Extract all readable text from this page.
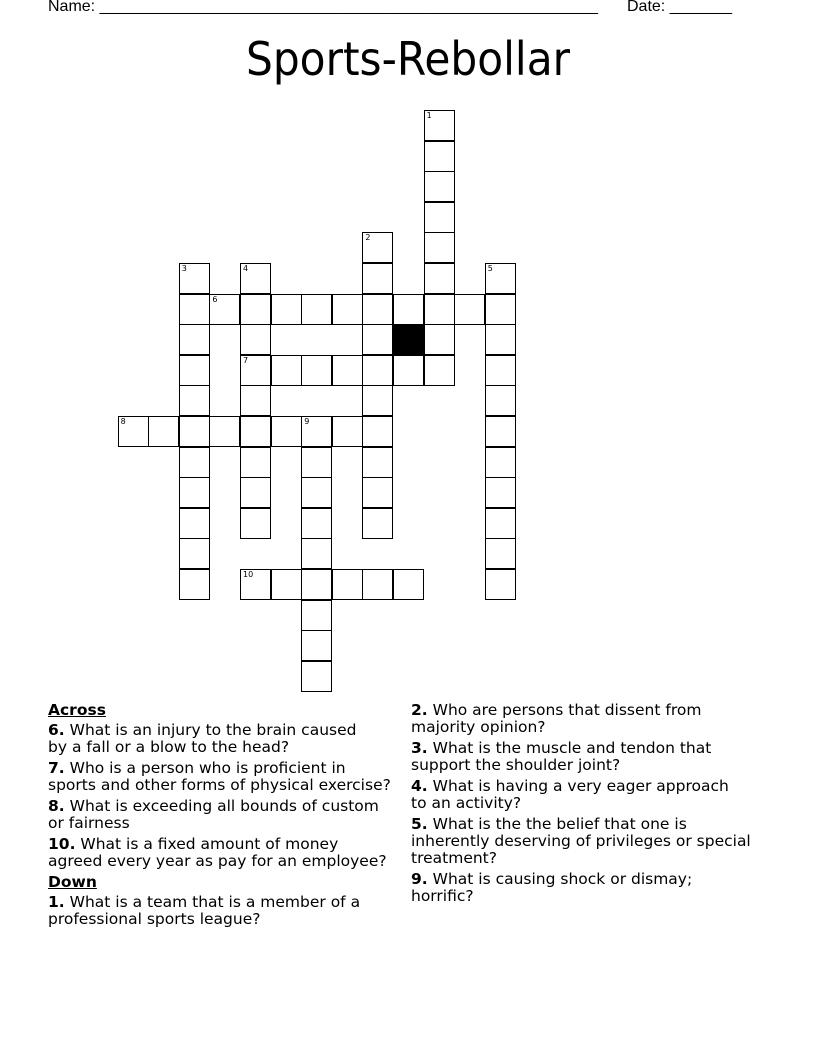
Name: ________________________________________________________ Date: _______
Sports-Rebollar
1
2
3	4	5
6
7
8	9
10
Across
6. What is an injury to the brain caused
by a fall or a blow to the head?
7. Who is a person who is proficient in
sports and other forms of physical exercise?
8. What is exceeding all bounds of custom
or fairness
10. What is a fixed amount of money
agreed every year as pay for an employee?
Down
1. What is a team that is a member of a
professional sports league?
2. Who are persons that dissent from
majority opinion?
3. What is the muscle and tendon that
support the shoulder joint?
4. What is having a very eager approach
to an activity?
5. What is the the belief that one is
inherently deserving of privileges or special
treatment?
9. What is causing shock or dismay;
horrific?
